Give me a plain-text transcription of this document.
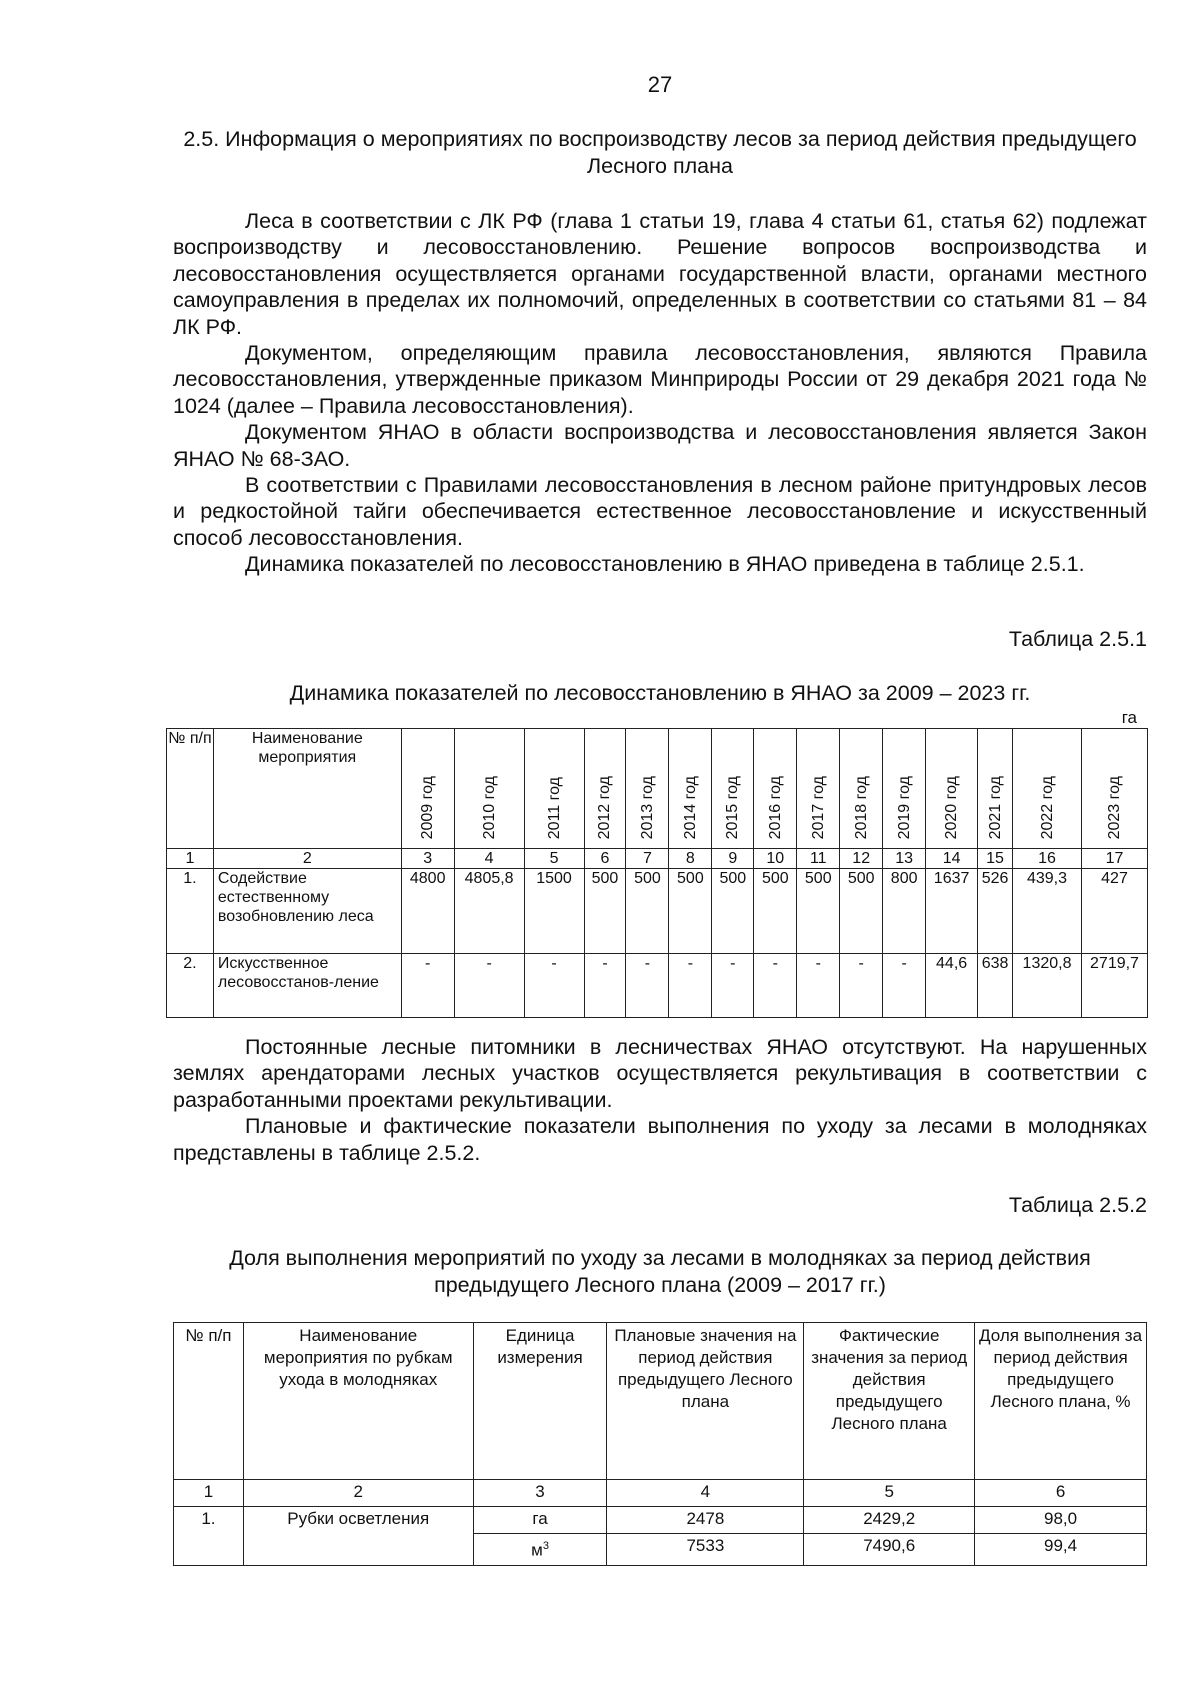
27
2.5. Информация о мероприятиях по воспроизводству лесов за период действия предыдущего Лесного плана

Леса в соответствии с ЛК РФ (глава 1 статьи 19, глава 4 статьи 61, статья 62) подлежат воспроизводству и лесовосстановлению. Решение вопросов воспроизводства и лесовосстановления осуществляется органами государственной власти, органами местного самоуправления в пределах их полномочий, определенных в соответствии со статьями 81 – 84 ЛК РФ.

Документом, определяющим правила лесовосстановления, являются Правила лесовосстановления, утвержденные приказом Минприроды России от 29 декабря 2021 года № 1024 (далее – Правила лесовосстановления).

Документом ЯНАО в области воспроизводства и лесовосстановления является Закон ЯНАО № 68-ЗАО.

В соответствии с Правилами лесовосстановления в лесном районе притундровых лесов и редкостойной тайги обеспечивается естественное лесовосстановление и искусственный способ лесовосстановления.

Динамика показателей по лесовосстановлению в ЯНАО приведена в таблице 2.5.1.

Таблица 2.5.1
Динамика показателей по лесовосстановлению в ЯНАО за 2009 – 2023 гг.
га
№ п/п	Наименование мероприятия	2009 год	2010 год	2011 год	2012 год	2013 год	2014 год	2015 год	2016 год	2017 год	2018 год	2019 год	2020 год	2021 год	2022 год	2023 год
1	2	3	4	5	6	7	8	9	10	11	12	13	14	15	16	17
1.	Содействие естественному возобновлению леса	4800	4805,8	1500	500	500	500	500	500	500	500	800	1637	526	439,3	427
2.	Искусственное лесовосстанов-ление	-	-	-	-	-	-	-	-	-	-	-	44,6	638	1320,8	2719,7

Постоянные лесные питомники в лесничествах ЯНАО отсутствуют. На нарушенных землях арендаторами лесных участков осуществляется рекультивация в соответствии с разработанными проектами рекультивации.

Плановые и фактические показатели выполнения по уходу за лесами в молодняках представлены в таблице 2.5.2.

Таблица 2.5.2
Доля выполнения мероприятий по уходу за лесами в молодняках за период действия предыдущего Лесного плана (2009 – 2017 гг.)
№ п/п	Наименование мероприятия по рубкам ухода в молодняках	Единица измерения	Плановые значения на период действия предыдущего Лесного плана	Фактические значения за период действия предыдущего Лесного плана	Доля выполнения за период действия предыдущего Лесного плана, %
1	2	3	4	5	6
1.	Рубки осветления	га	2478	2429,2	98,0
		$м^3$	7533	7490,6	99,4
